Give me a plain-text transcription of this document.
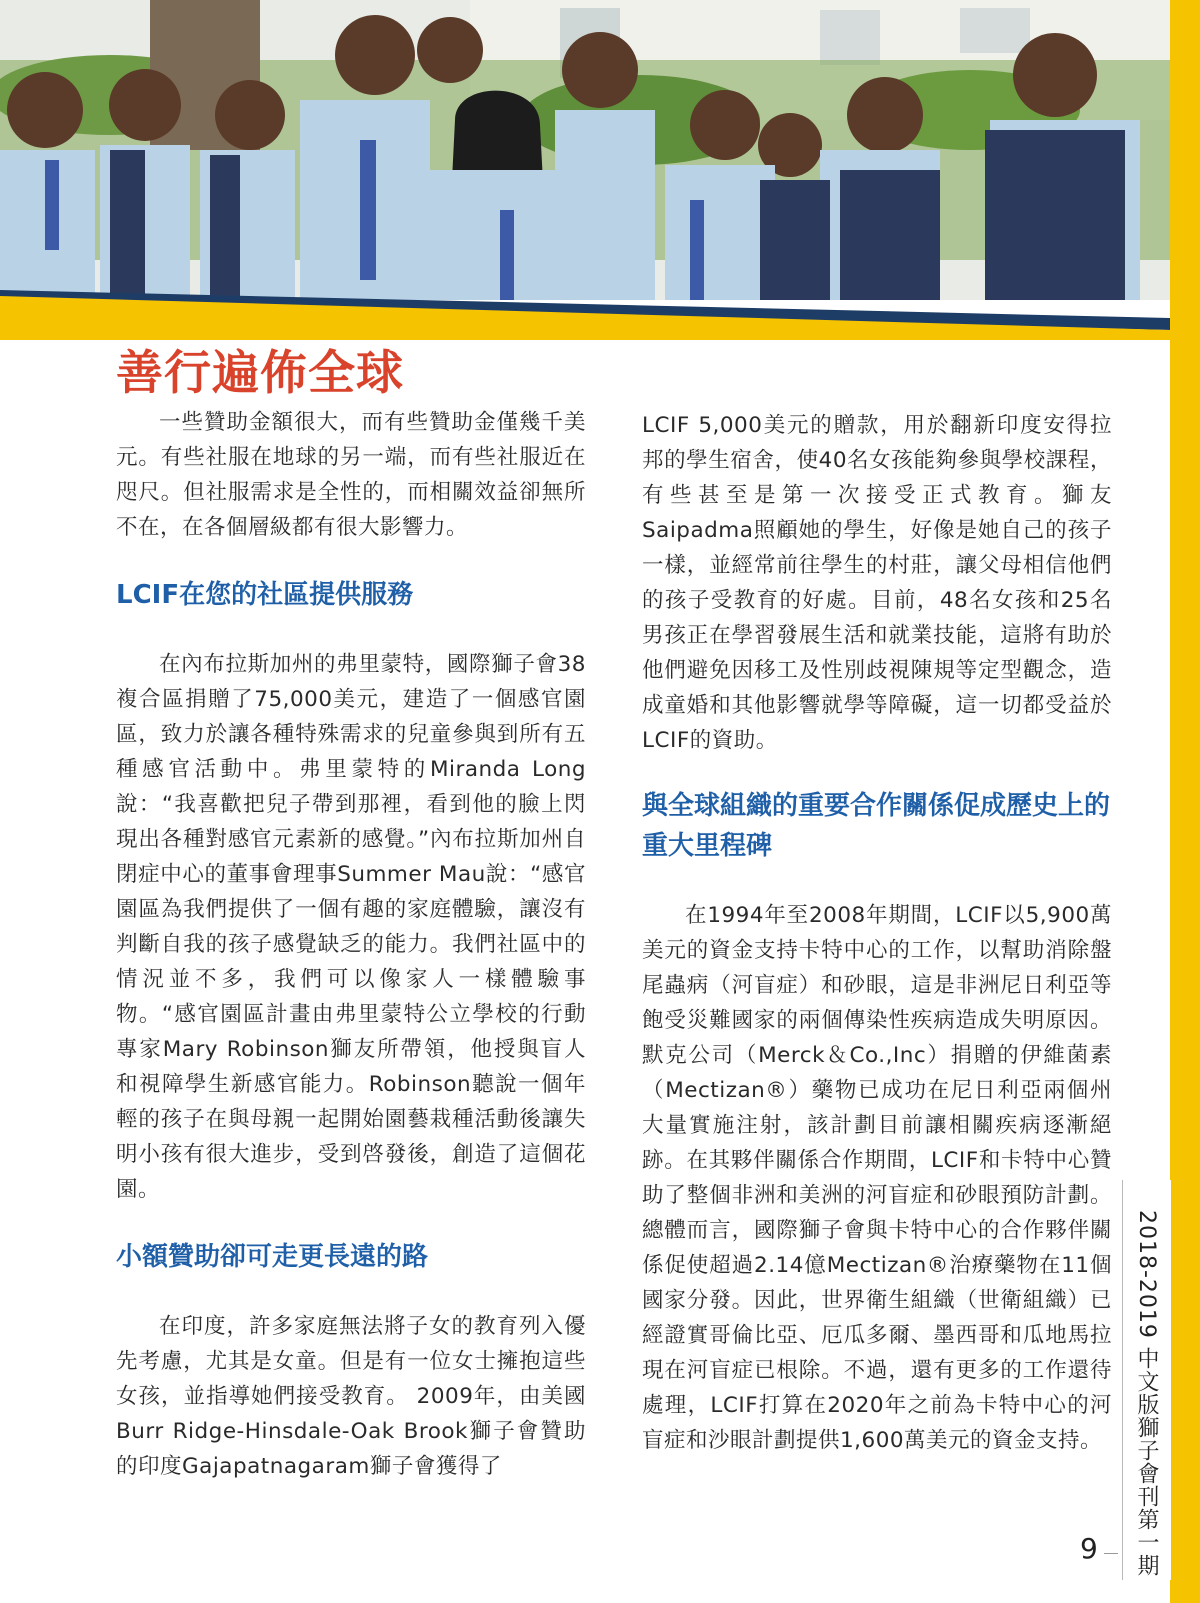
善行遍佈全球

一些贊助金額很大，而有些贊助金僅幾千美元。有些社服在地球的另一端，而有些社服近在咫尺。但社服需求是全性的，而相關效益卻無所不在，在各個層級都有很大影響力。

LCIF在您的社區提供服務

在內布拉斯加州的弗里蒙特，國際獅子會38複合區捐贈了75,000美元，建造了一個感官園區，致力於讓各種特殊需求的兒童參與到所有五種感官活動中。弗里蒙特的Miranda Long說：“我喜歡把兒子帶到那裡，看到他的臉上閃現出各種對感官元素新的感覺。”內布拉斯加州自閉症中心的董事會理事Summer Mau說：“感官園區為我們提供了一個有趣的家庭體驗，讓沒有判斷自我的孩子感覺缺乏的能力。我們社區中的情況並不多，我們可以像家人一樣體驗事物。“感官園區計畫由弗里蒙特公立學校的行動專家Mary Robinson獅友所帶領，他授與盲人和視障學生新感官能力。Robinson聽說一個年輕的孩子在與母親一起開始園藝栽種活動後讓失明小孩有很大進步，受到啓發後，創造了這個花園。

小額贊助卻可走更長遠的路

在印度，許多家庭無法將子女的教育列入優先考慮，尤其是女童。但是有一位女士擁抱這些女孩，並指導她們接受教育。 2009年，由美國Burr Ridge-Hinsdale-Oak Brook獅子會贊助的印度Gajapatnagaram獅子會獲得了

LCIF 5,000美元的贈款，用於翻新印度安得拉邦的學生宿舍，使40名女孩能夠參與學校課程，有些甚至是第一次接受正式教育。獅友Saipadma照顧她的學生，好像是她自己的孩子一樣，並經常前往學生的村莊，讓父母相信他們的孩子受教育的好處。目前，48名女孩和25名男孩正在學習發展生活和就業技能，這將有助於他們避免因移工及性別歧視陳規等定型觀念，造成童婚和其他影響就學等障礙，這一切都受益於LCIF的資助。

與全球組織的重要合作關係促成歷史上的重大里程碑

在1994年至2008年期間，LCIF以5,900萬美元的資金支持卡特中心的工作，以幫助消除盤尾蟲病（河盲症）和砂眼，這是非洲尼日利亞等飽受災難國家的兩個傳染性疾病造成失明原因。默克公司（Merck＆Co.,Inc）捐贈的伊維菌素（Mectizan®）藥物已成功在尼日利亞兩個州大量實施注射，該計劃目前讓相關疾病逐漸絕跡。在其夥伴關係合作期間，LCIF和卡特中心贊助了整個非洲和美洲的河盲症和砂眼預防計劃。總體而言，國際獅子會與卡特中心的合作夥伴關係促使超過2.14億Mectizan®治療藥物在11個國家分發。因此，世界衛生組織（世衛組織）已經證實哥倫比亞、厄瓜多爾、墨西哥和瓜地馬拉現在河盲症已根除。不過，還有更多的工作還待處理，LCIF打算在2020年之前為卡特中心的河盲症和沙眼計劃提供1,600萬美元的資金支持。	2018-2019 中文版獅子會刊第一期
9
